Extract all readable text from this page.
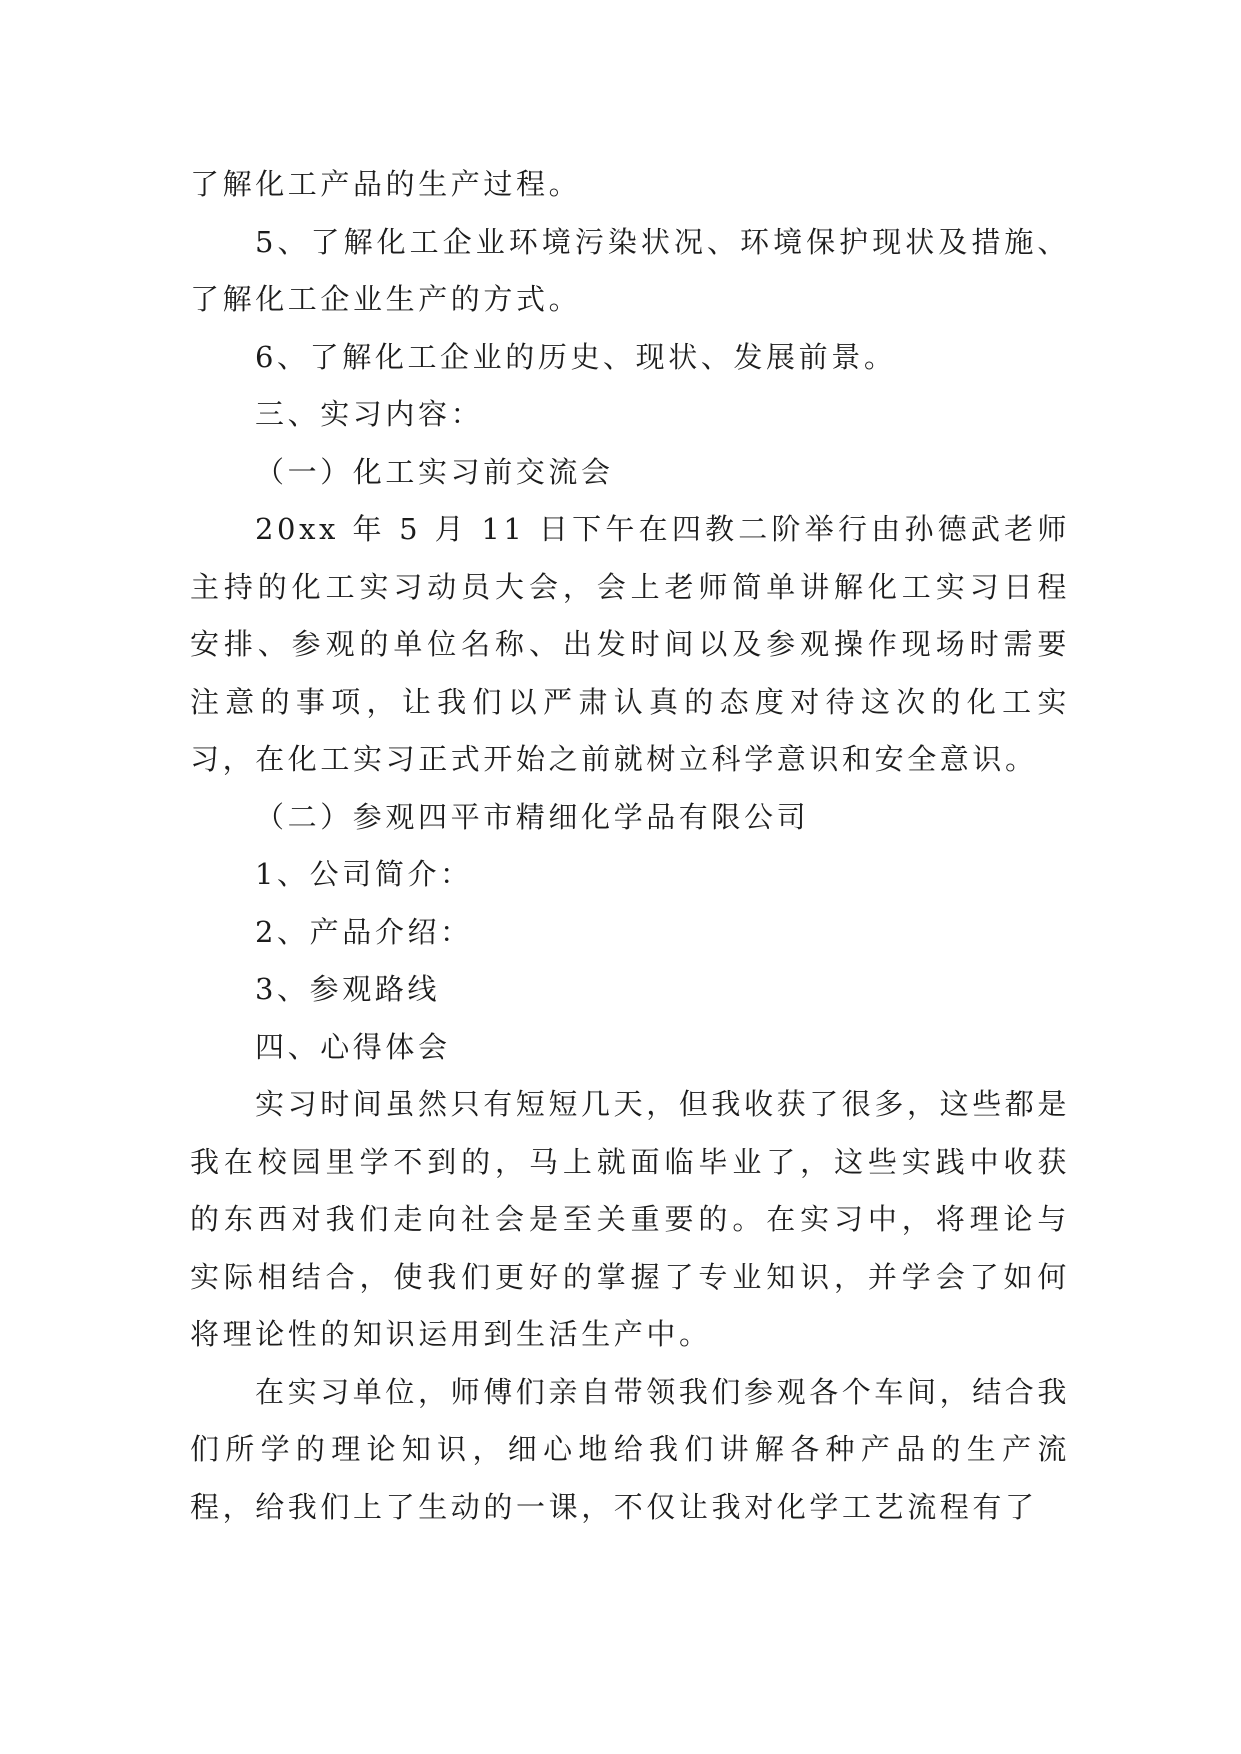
了解化工产品的生产过程。

5、了解化工企业环境污染状况、环境保护现状及措施、了解化工企业生产的方式。

6、了解化工企业的历史、现状、发展前景。

三、实习内容：

（一）化工实习前交流会

20xx 年 5 月 11 日下午在四教二阶举行由孙德武老师主持的化工实习动员大会，会上老师简单讲解化工实习日程安排、参观的单位名称、出发时间以及参观操作现场时需要注意的事项，让我们以严肃认真的态度对待这次的化工实习，在化工实习正式开始之前就树立科学意识和安全意识。

（二）参观四平市精细化学品有限公司

1、公司简介：

2、产品介绍：

3、参观路线

四、心得体会

实习时间虽然只有短短几天，但我收获了很多，这些都是我在校园里学不到的，马上就面临毕业了，这些实践中收获的东西对我们走向社会是至关重要的。在实习中，将理论与实际相结合，使我们更好的掌握了专业知识，并学会了如何将理论性的知识运用到生活生产中。

在实习单位，师傅们亲自带领我们参观各个车间，结合我们所学的理论知识，细心地给我们讲解各种产品的生产流程，给我们上了生动的一课，不仅让我对化学工艺流程有了
